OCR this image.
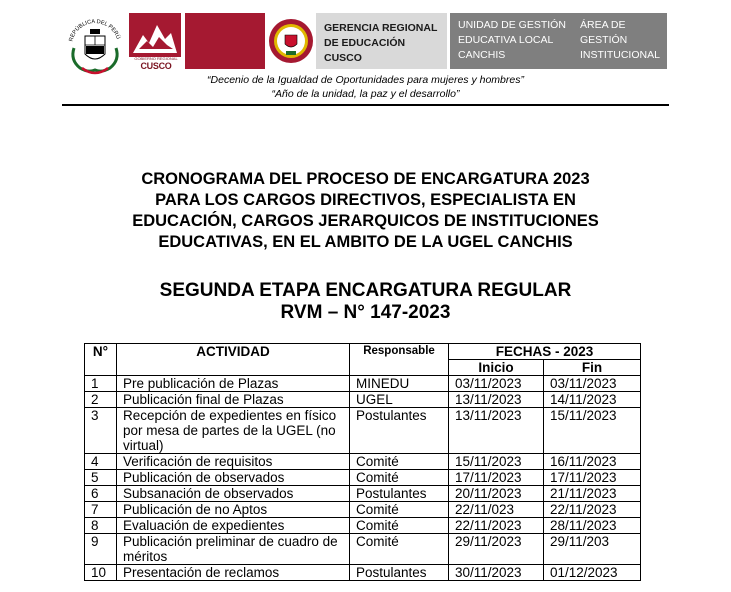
REPÚBLICA DEL PERÚ
GOBIERNO REGIONAL
CUSCO
GERENCIA REGIONAL
DE EDUCACIÓN
CUSCO
UNIDAD DE GESTIÓN
EDUCATIVA LOCAL
CANCHIS
ÁREA DE
GESTIÓN
INSTITUCIONAL
“Decenio de la Igualdad de Oportunidades para mujeres y hombres”
“Año de la unidad, la paz y el desarrollo”
CRONOGRAMA DEL PROCESO DE ENCARGATURA 2023
PARA LOS CARGOS DIRECTIVOS, ESPECIALISTA EN
EDUCACIÓN, CARGOS JERARQUICOS DE INSTITUCIONES
EDUCATIVAS, EN EL AMBITO DE LA UGEL CANCHIS
SEGUNDA ETAPA ENCARGATURA REGULAR
RVM – N° 147-2023
N°	ACTIVIDAD	Responsable	FECHAS - 2023	
			Inicio	Fin
1	Pre publicación de Plazas	MINEDU	03/11/2023	03/11/2023
2	Publicación final de Plazas	UGEL	13/11/2023	14/11/2023
3	Recepción de expedientes en físico por mesa de partes de la UGEL (no virtual)	Postulantes	13/11/2023	15/11/2023
4	Verificación de requisitos	Comité	15/11/2023	16/11/2023
5	Publicación de observados	Comité	17/11/2023	17/11/2023
6	Subsanación de observados	Postulantes	20/11/2023	21/11/2023
7	Publicación de no Aptos	Comité	22/11/023	22/11/2023
8	Evaluación de expedientes	Comité	22/11/2023	28/11/2023
9	Publicación preliminar de cuadro de méritos	Comité	29/11/2023	29/11/203
10	Presentación de reclamos	Postulantes	30/11/2023	01/12/2023
